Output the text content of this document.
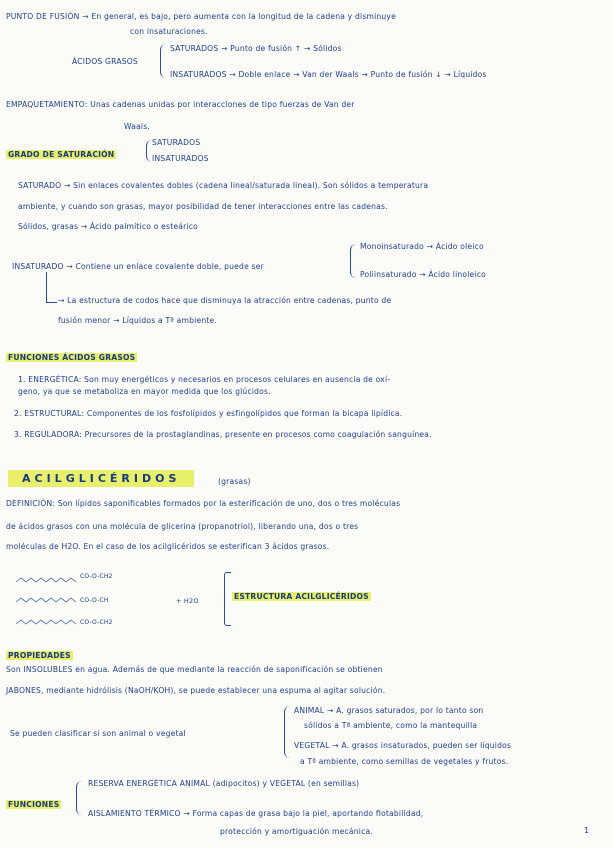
PUNTO DE FUSIÓN → En general, es bajo, pero aumenta con la longitud de la cadena y disminuye
con insaturaciones.
ÁCIDOS GRASOS
SATURADOS → Punto de fusión ↑ → Sólidos
INSATURADOS → Doble enlace → Van der Waals → Punto de fusión ↓ → Líquidos
EMPAQUETAMIENTO: Unas cadenas unidas por interacciones de tipo fuerzas de Van der
Waals.
GRADO DE SATURACIÓN
SATURADOS
INSATURADOS
SATURADO → Sin enlaces covalentes dobles (cadena lineal/saturada lineal). Son sólidos a temperatura
ambiente, y cuando son grasas, mayor posibilidad de tener interacciones entre las cadenas.
Sólidos, grasas → Ácido palmítico o esteárico
INSATURADO → Contiene un enlace covalente doble, puede ser
Monoinsaturado → Ácido oleico
Poliinsaturado → Ácido linoleico
→ La estructura de codos hace que disminuya la atracción entre cadenas, punto de
fusión menor → Líquidos a Tª ambiente.
FUNCIONES ÁCIDOS GRASOS
1. ENERGÉTICA: Son muy energéticos y necesarios en procesos celulares en ausencia de oxí-
geno, ya que se metaboliza en mayor medida que los glúcidos.
2. ESTRUCTURAL: Componentes de los fosfolípidos y esfingolípidos que forman la bicapa lipídica.
3. REGULADORA: Precursores de la prostaglandinas, presente en procesos como coagulación sanguínea.
ACILGLICÉRIDOS	(grasas)
DEFINICIÓN: Son lípidos saponificables formados por la esterificación de uno, dos o tres moléculas
de ácidos grasos con una molécula de glicerina (propanotriol), liberando una, dos o tres
moléculas de H2O. En el caso de los acilglicéridos se esterifican 3 ácidos grasos.
CO-O-CH2
CO-O-CH
CO-O-CH2
+ H2O	ESTRUCTURA ACILGLICÉRIDOS
PROPIEDADES
Son INSOLUBLES en agua. Además de que mediante la reacción de saponificación se obtienen
JABONES, mediante hidrólisis (NaOH/KOH), se puede establecer una espuma al agitar solución.
Se pueden clasificar si son animal o vegetal
ANIMAL → A. grasos saturados, por lo tanto son
sólidos a Tª ambiente, como la mantequilla
VEGETAL → A. grasos insaturados, pueden ser líquidos
a Tª ambiente, como semillas de vegetales y frutos.
FUNCIONES
RESERVA ENERGÉTICA ANIMAL (adipocitos) y VEGETAL (en semillas)
AISLAMIENTO TÉRMICO → Forma capas de grasa bajo la piel, aportando flotabilidad,
protección y amortiguación mecánica.	1
